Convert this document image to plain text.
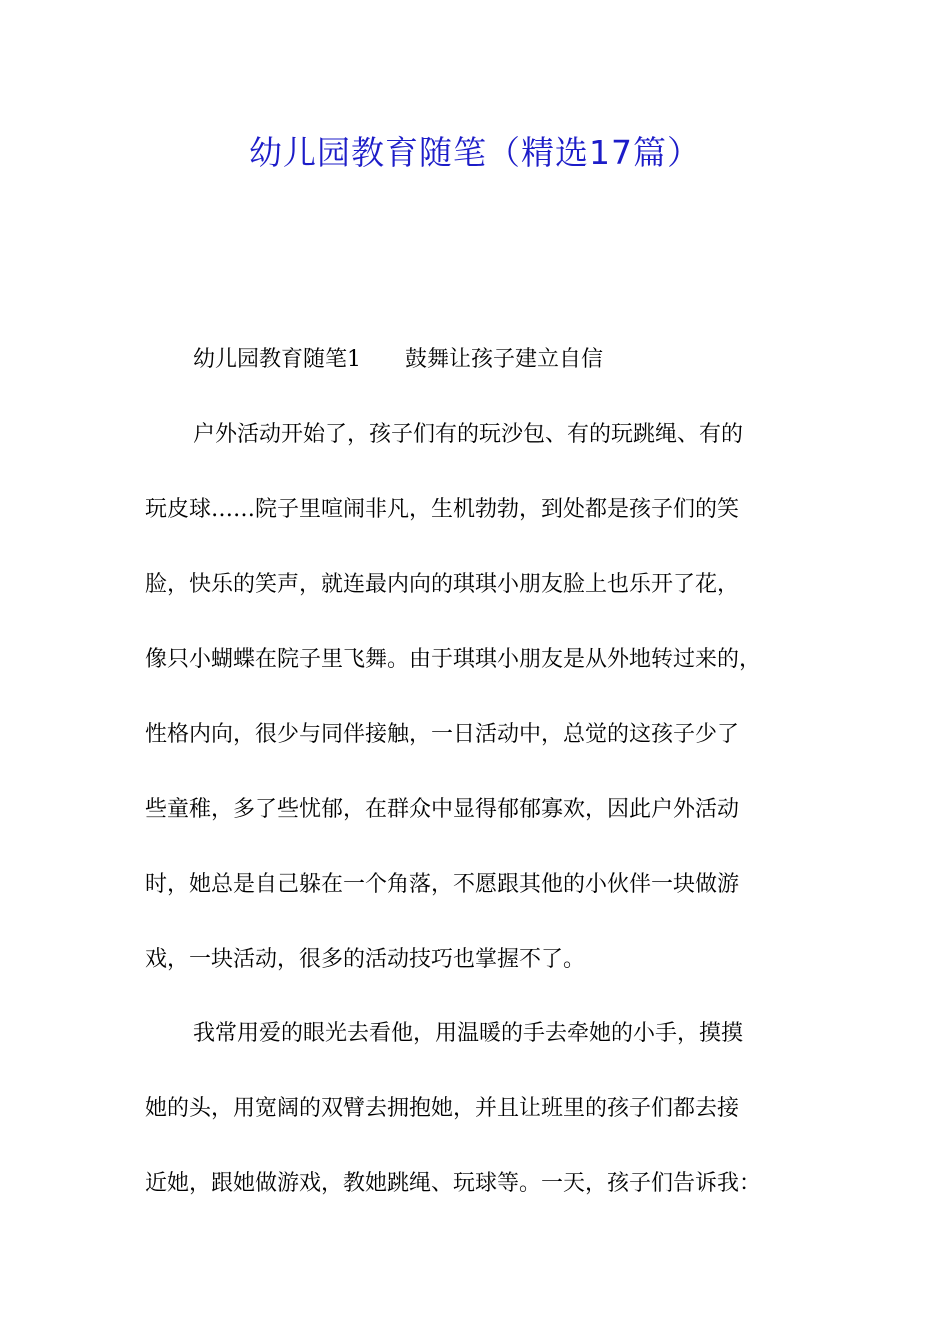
幼儿园教育随笔（精选17篇）

幼儿园教育随笔1　　鼓舞让孩子建立自信

户外活动开始了，孩子们有的玩沙包、有的玩跳绳、有的

玩皮球……院子里喧闹非凡，生机勃勃，到处都是孩子们的笑

脸，快乐的笑声，就连最内向的琪琪小朋友脸上也乐开了花，

像只小蝴蝶在院子里飞舞。由于琪琪小朋友是从外地转过来的，

性格内向，很少与同伴接触，一日活动中，总觉的这孩子少了

些童稚，多了些忧郁，在群众中显得郁郁寡欢，因此户外活动

时，她总是自己躲在一个角落，不愿跟其他的小伙伴一块做游

戏，一块活动，很多的活动技巧也掌握不了。

我常用爱的眼光去看他，用温暖的手去牵她的小手，摸摸

她的头，用宽阔的双臂去拥抱她，并且让班里的孩子们都去接

近她，跟她做游戏，教她跳绳、玩球等。一天，孩子们告诉我：
